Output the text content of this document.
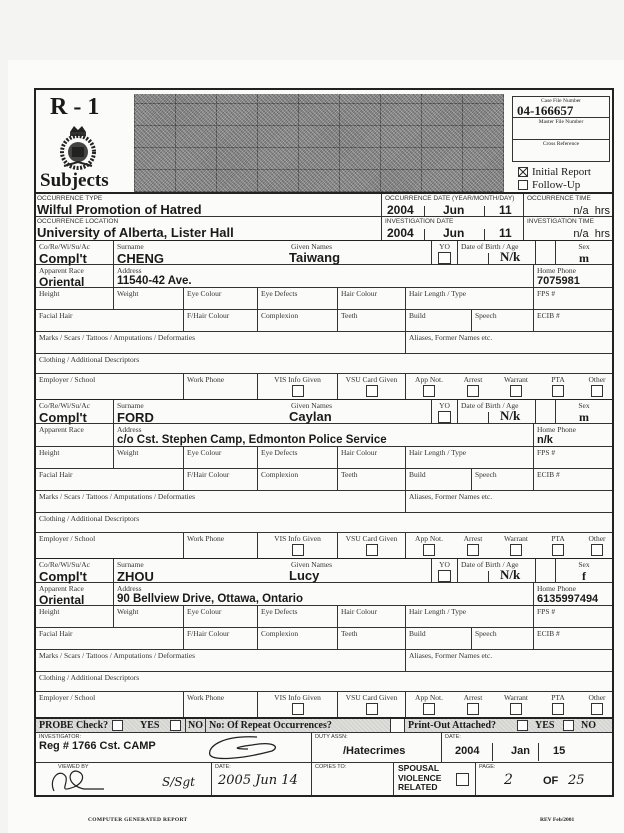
R - 1
Subjects
Case File Number
04-166657
Master File Number
Cross Reference
Initial Report
Follow-Up
OCCURRENCE TYPE
Wilful Promotion of Hatred
OCCURRENCE DATE (YEAR/MONTH/DAY)
2004 Jun	11
OCCURRENCE TIME
n/a  hrs
OCCURRENCE LOCATION
University of Alberta, Lister Hall
INVESTIGATION DATE
2004 Jun	11
INVESTIGATION TIME
n/a  hrs
Co/Re/Wi/Su/Ac
Compl't
Surname
CHENG
Given Names
Taiwang
YO	Date of Birth / Age
N/k
Sex
m
Apparent Race
Oriental
Address
11540-42 Ave.
Home Phone
7075981
Height	Weight	Eye Colour	Eye Defects	Hair Colour	Hair Length / Type	FPS #
Facial Hair	F/Hair Colour	Complexion	Teeth	Build	Speech	ECIB #
Marks / Scars / Tattoos / Amputations / Deformaties	Aliases, Former Names etc.
Clothing / Additional Descriptors
Employer / School	Work Phone	VIS Info Given	VSU Card Given	App Not.	Arrest	Warrant	PTA	Other
Co/Re/Wi/Su/Ac
Compl't
Surname
FORD
Given Names
Caylan
YO	Date of Birth / Age
N/k
Sex
m
Apparent Race	Address
c/o Cst. Stephen Camp, Edmonton Police Service
Home Phone
n/k
Height	Weight	Eye Colour	Eye Defects	Hair Colour	Hair Length / Type	FPS #
Facial Hair	F/Hair Colour	Complexion	Teeth	Build	Speech	ECIB #
Marks / Scars / Tattoos / Amputations / Deformaties	Aliases, Former Names etc.
Clothing / Additional Descriptors
Employer / School	Work Phone	VIS Info Given	VSU Card Given	App Not.	Arrest	Warrant	PTA	Other
Co/Re/Wi/Su/Ac
Compl't
Surname
ZHOU
Given Names
Lucy
YO	Date of Birth / Age
N/k
Sex
f
Apparent Race
Oriental
Address
90 Bellview Drive, Ottawa, Ontario
Home Phone
6135997494
Height	Weight	Eye Colour	Eye Defects	Hair Colour	Hair Length / Type	FPS #
Facial Hair	F/Hair Colour	Complexion	Teeth	Build	Speech	ECIB #
Marks / Scars / Tattoos / Amputations / Deformaties	Aliases, Former Names etc.
Clothing / Additional Descriptors
Employer / School	Work Phone	VIS Info Given	VSU Card Given	App Not.	Arrest	Warrant	PTA	Other
PROBE Check?	YES	NO No: Of Repeat Occurrences?	Print-Out Attached?	YES	NO
INVESTIGATOR:
Reg # 1766 Cst. CAMP
DUTY ASSN:
/Hatecrimes
DATE:
2004	Jan 15
VIEWED BY
S/Sgt
DATE:
2005 Jun 14
COPIES TO:	SPOUSAL
VIOLENCE
RELATED
PAGE:
2	OF 25
COMPUTER GENERATED REPORT	REV Feb/2001
